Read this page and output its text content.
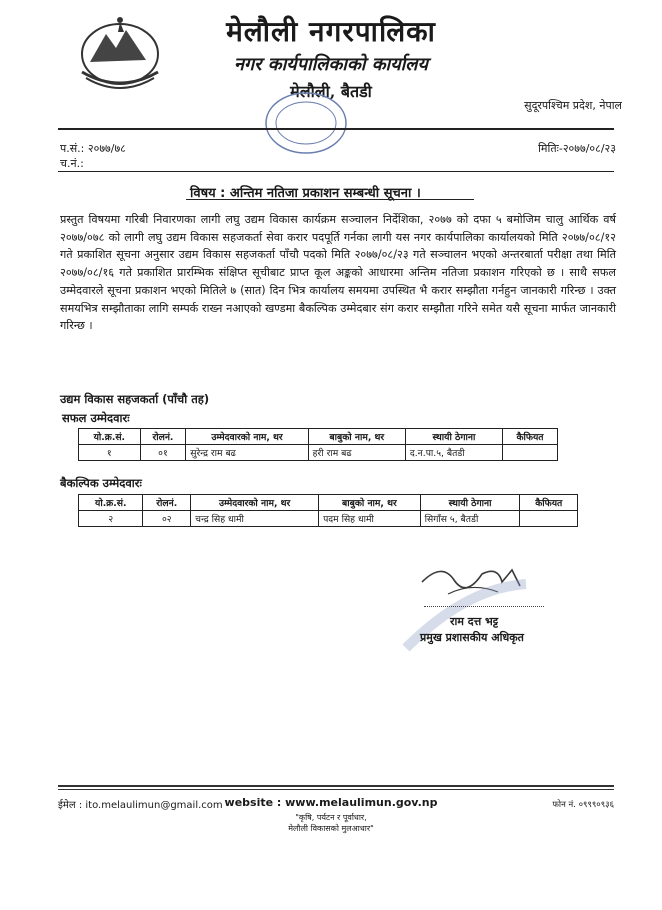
मेलौली नगरपालिका
नगर कार्यपालिकाको कार्यालय
मेलौली, बैतडी
सुदूरपश्चिम प्रदेश, नेपाल
प.सं.: २०७७/७८
च.नं.:
मितिः-२०७७/०८/२३
विषय : अन्तिम नतिजा प्रकाशन सम्बन्धी सूचना ।
प्रस्तुत विषयमा गरिबी निवारणका लागी लघु उद्यम विकास कार्यक्रम सञ्चालन निर्देशिका, २०७७ को दफा ५ बमोजिम चालु आर्थिक वर्ष २०७७/०७८ को लागी लघु उद्यम विकास सहजकर्ता सेवा करार पदपूर्ति गर्नका लागी यस नगर कार्यपालिका कार्यालयको मिति २०७७/०८/१२ गते प्रकाशित सूचना अनुसार उद्यम विकास सहजकर्ता पाँचौ पदको मिति २०७७/०८/२३ गते सञ्चालन भएको अन्तरबार्ता परीक्षा तथा मिति २०७७/०८/१६ गते प्रकाशित प्रारम्भिक संक्षिप्त सूचीबाट प्राप्त कूल अङ्कको आधारमा अन्तिम नतिजा प्रकाशन गरिएको छ । साथै सफल उम्मेदवारले सूचना प्रकाशन भएको मितिले ७ (सात) दिन भित्र कार्यालय समयमा उपस्थित भै करार सम्झौता गर्नहुन जानकारी गरिन्छ । उक्त समयभित्र सम्झौताका लागि सम्पर्क राख्न नआएको खण्डमा बैकल्पिक उम्मेदबार संग करार सम्झौता गरिने समेत यसै सूचना मार्फत जानकारी गरिन्छ ।
उद्यम विकास सहजकर्ता (पाँचौ तह)
सफल उम्मेदवारः
यो.क्र.सं.	रोलनं.	उम्मेदवारको नाम, थर	बाबुको नाम, थर	स्थायी ठेगाना	कैफियत
१	०१	सुरेन्द्र राम बढ	हरी राम बढ	द.न.पा.५, बैतडी	
बैकल्पिक उम्मेदवारः
यो.क्र.सं.	रोलनं.	उम्मेदवारको नाम, थर	बाबुको नाम, थर	स्थायी ठेगाना	कैफियत
२	०२	चन्द्र सिह धामी	पदम सिह धामी	सिगाँस ५, बैतडी	
राम दत्त भट्ट
प्रमुख प्रशासकीय अधिकृत
ईमेल : ito.melaulimun@gmail.com website : www.melaulimun.gov.np	फोन नं. ०९९९०९३६
"कृषि, पर्यटन र पूर्वाधार,
मेलौली विकासको मुलआधार"
